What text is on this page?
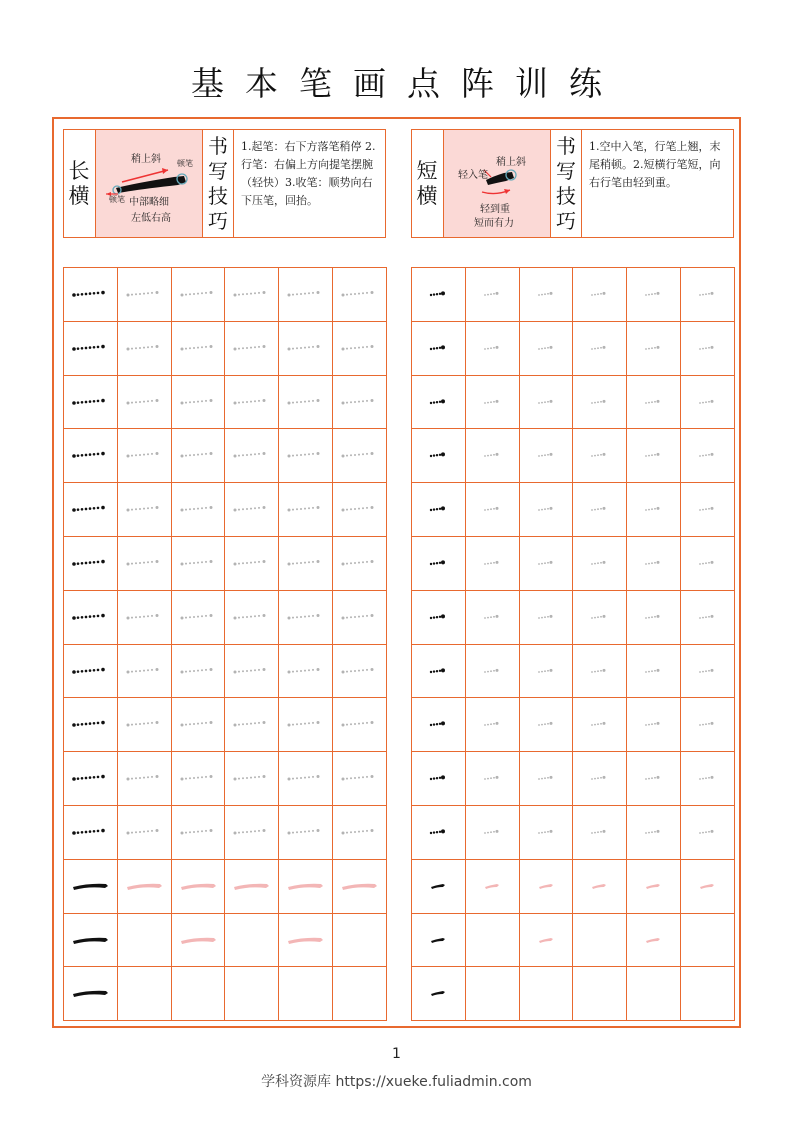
基本笔画点阵训练
长
横
稍上斜 顿笔
顿笔 中部略细
左低右高
书
写
技
巧
1.起笔：右下方落笔稍停 2.行笔：右偏上方向提笔摆腕（轻快）3.收笔：顺势向右下压笔，回抬。
短
横
稍上斜
轻入笔
轻到重
短而有力
书
写
技
巧
1.空中入笔，行笔上翘，末尾稍顿。2.短横行笔短，向右行笔由轻到重。
1
学科资源库 https://xueke.fuliadmin.com
